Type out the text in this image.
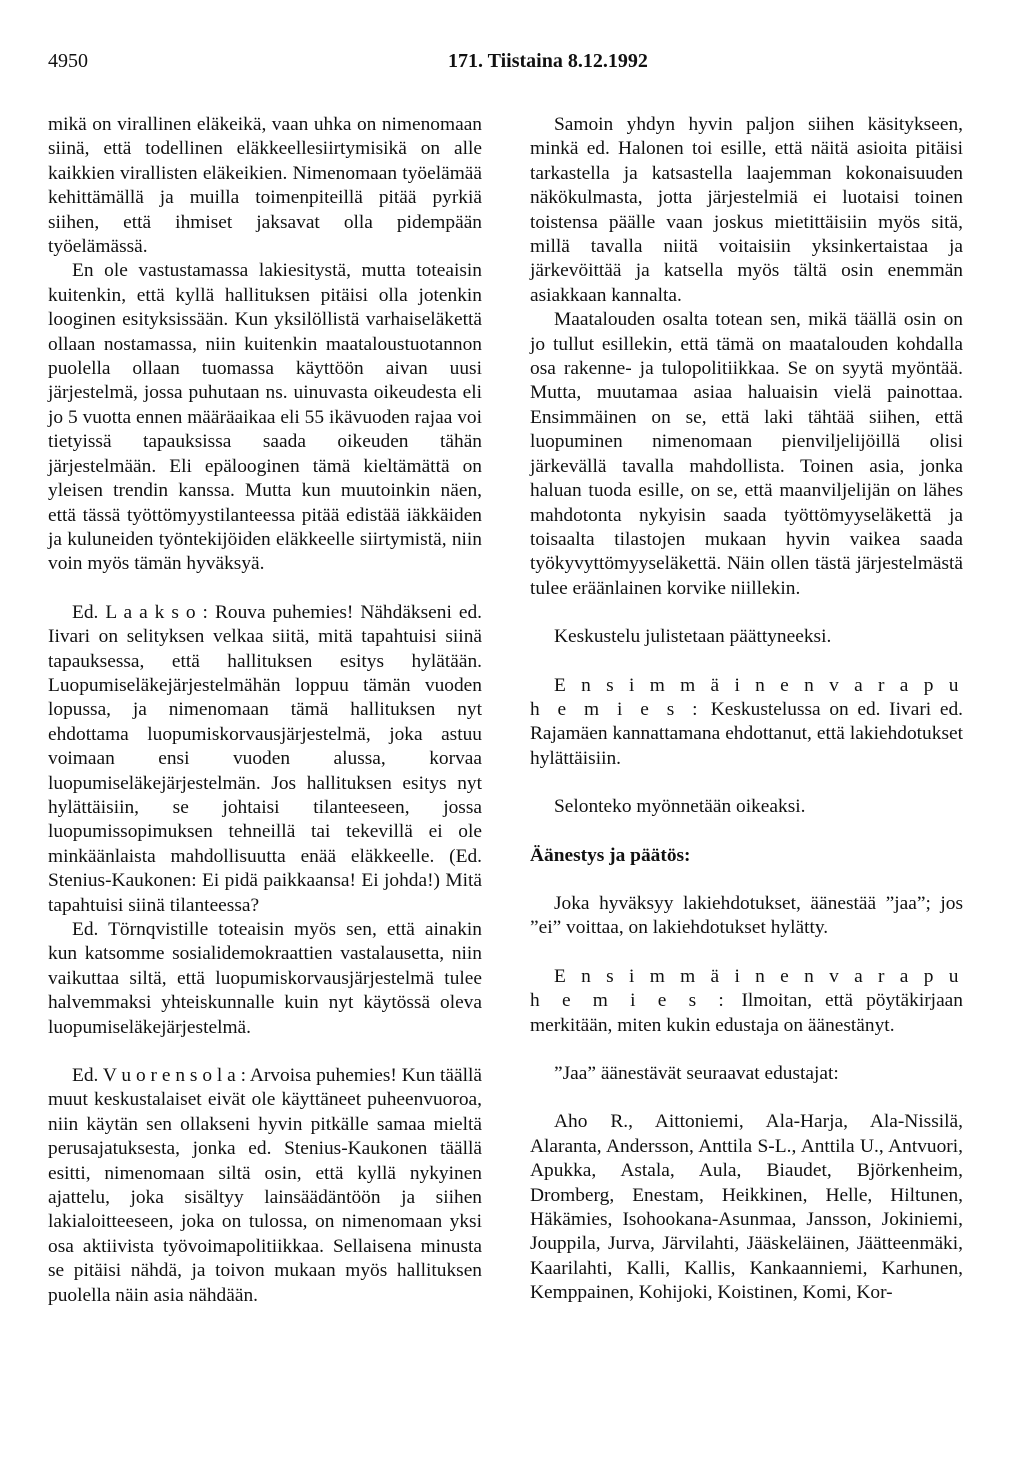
4950	171. Tiistaina 8.12.1992

mikä on virallinen eläkeikä, vaan uhka on nimenomaan siinä, että todellinen eläkkeellesiirtymisikä on alle kaikkien virallisten eläkeikien. Nimenomaan työelämää kehittämällä ja muilla toimenpiteillä pitää pyrkiä siihen, että ihmiset jaksavat olla pidempään työelämässä.

En ole vastustamassa lakiesitystä, mutta toteaisin kuitenkin, että kyllä hallituksen pitäisi olla jotenkin looginen esityksissään. Kun yksilöllistä varhaiseläkettä ollaan nostamassa, niin kuitenkin maataloustuotannon puolella ollaan tuomassa käyttöön aivan uusi järjestelmä, jossa puhutaan ns. uinuvasta oikeudesta eli jo 5 vuotta ennen määräaikaa eli 55 ikävuoden rajaa voi tietyissä tapauksissa saada oikeuden tähän järjestelmään. Eli epälooginen tämä kieltämättä on yleisen trendin kanssa. Mutta kun muutoinkin näen, että tässä työttömyystilanteessa pitää edistää iäkkäiden ja kuluneiden työntekijöiden eläkkeelle siirtymistä, niin voin myös tämän hyväksyä.

Ed. L a a k s o : Rouva puhemies! Nähdäkseni ed. Iivari on selityksen velkaa siitä, mitä tapahtuisi siinä tapauksessa, että hallituksen esitys hylätään. Luopumiseläkejärjestelmähän loppuu tämän vuoden lopussa, ja nimenomaan tämä hallituksen nyt ehdottama luopumiskorvausjärjestelmä, joka astuu voimaan ensi vuoden alussa, korvaa luopumiseläkejärjestelmän. Jos hallituksen esitys nyt hylättäisiin, se johtaisi tilanteeseen, jossa luopumissopimuksen tehneillä tai tekevillä ei ole minkäänlaista mahdollisuutta enää eläkkeelle. (Ed. Stenius-Kaukonen: Ei pidä paikkaansa! Ei johda!) Mitä tapahtuisi siinä tilanteessa?

Ed. Törnqvistille toteaisin myös sen, että ainakin kun katsomme sosialidemokraattien vastalausetta, niin vaikuttaa siltä, että luopumiskorvausjärjestelmä tulee halvemmaksi yhteiskunnalle kuin nyt käytössä oleva luopumiseläkejärjestelmä.

Ed. V u o r e n s o l a : Arvoisa puhemies! Kun täällä muut keskustalaiset eivät ole käyttäneet puheenvuoroa, niin käytän sen ollakseni hyvin pitkälle samaa mieltä perusajatuksesta, jonka ed. Stenius-Kaukonen täällä esitti, nimenomaan siltä osin, että kyllä nykyinen ajattelu, joka sisältyy lainsäädäntöön ja siihen lakialoitteeseen, joka on tulossa, on nimenomaan yksi osa aktiivista työvoimapolitiikkaa. Sellaisena minusta se pitäisi nähdä, ja toivon mukaan myös hallituksen puolella näin asia nähdään.

Samoin yhdyn hyvin paljon siihen käsitykseen, minkä ed. Halonen toi esille, että näitä asioita pitäisi tarkastella ja katsastella laajemman kokonaisuuden näkökulmasta, jotta järjestelmiä ei luotaisi toinen toistensa päälle vaan joskus mietittäisiin myös sitä, millä tavalla niitä voitaisiin yksinkertaistaa ja järkevöittää ja katsella myös tältä osin enemmän asiakkaan kannalta.

Maatalouden osalta totean sen, mikä täällä osin on jo tullut esillekin, että tämä on maatalouden kohdalla osa rakenne- ja tulopolitiikkaa. Se on syytä myöntää. Mutta, muutamaa asiaa haluaisin vielä painottaa. Ensimmäinen on se, että laki tähtää siihen, että luopuminen nimenomaan pienviljelijöillä olisi järkevällä tavalla mahdollista. Toinen asia, jonka haluan tuoda esille, on se, että maanviljelijän on lähes mahdotonta nykyisin saada työttömyyseläkettä ja toisaalta tilastojen mukaan hyvin vaikea saada työkyvyttömyyseläkettä. Näin ollen tästä järjestelmästä tulee eräänlainen korvike niillekin.

Keskustelu julistetaan päättyneeksi.

E n s i m m ä i n e n v a r a p u h e m i e s : Keskustelussa on ed. Iivari ed. Rajamäen kannattamana ehdottanut, että lakiehdotukset hylättäisiin.

Selonteko myönnetään oikeaksi.

Äänestys ja päätös:

Joka hyväksyy lakiehdotukset, äänestää ”jaa”; jos ”ei” voittaa, on lakiehdotukset hylätty.

E n s i m m ä i n e n v a r a p u h e m i e s : Ilmoitan, että pöytäkirjaan merkitään, miten kukin edustaja on äänestänyt.

”Jaa” äänestävät seuraavat edustajat:

Aho R., Aittoniemi, Ala-Harja, Ala-Nissilä, Alaranta, Andersson, Anttila S-L., Anttila U., Antvuori, Apukka, Astala, Aula, Biaudet, Björkenheim, Dromberg, Enestam, Heikkinen, Helle, Hiltunen, Häkämies, Isohookana-Asunmaa, Jansson, Jokiniemi, Jouppila, Jurva, Järvilahti, Jääskeläinen, Jäätteenmäki, Kaarilahti, Kalli, Kallis, Kankaanniemi, Karhunen, Kemppainen, Kohijoki, Koistinen, Komi, Kor-
